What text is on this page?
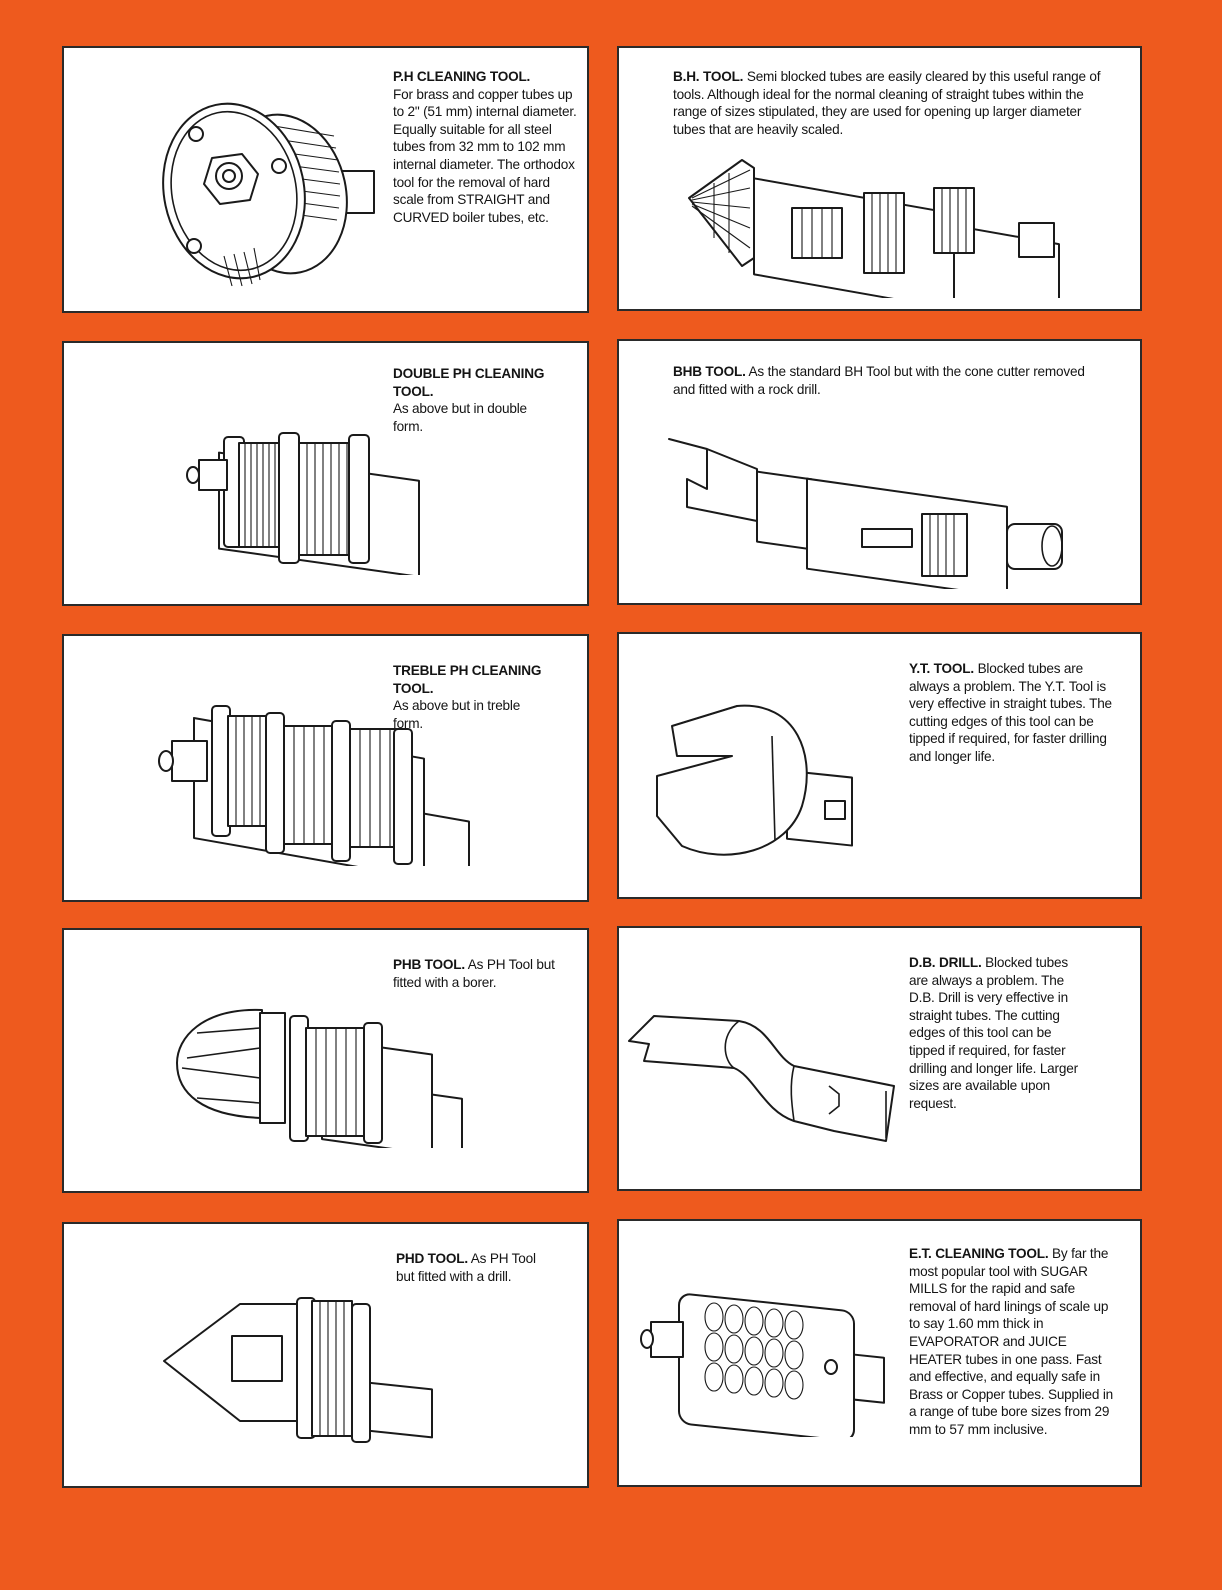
P.H CLEANING TOOL.
For brass and copper tubes up to 2" (51 mm) internal diameter. Equally suitable for all steel tubes from 32 mm to 102 mm internal diameter. The orthodox tool for the removal of hard scale from STRAIGHT and CURVED boiler tubes, etc.
B.H. TOOL. Semi blocked tubes are easily cleared by this useful range of tools. Although ideal for the normal cleaning of straight tubes within the range of sizes stipulated, they are used for opening up larger diameter tubes that are heavily scaled.
DOUBLE PH CLEANING TOOL.
As above but in double form.
BHB TOOL. As the standard BH Tool but with the cone cutter removed and fitted with a rock drill.
TREBLE PH CLEANING TOOL.
As above but in treble form.
Y.T. TOOL. Blocked tubes are always a problem. The Y.T. Tool is very effective in straight tubes. The cutting edges of this tool can be tipped if required, for faster drilling and longer life.
PHB TOOL. As PH Tool but fitted with a borer.
D.B. DRILL. Blocked tubes are always a problem. The D.B. Drill is very effective in straight tubes. The cutting edges of this tool can be tipped if required, for faster drilling and longer life. Larger sizes are available upon request.
PHD TOOL. As PH Tool but fitted with a drill.
E.T. CLEANING TOOL. By far the most popular tool with SUGAR MILLS for the rapid and safe removal of hard linings of scale up to say 1.60 mm thick in EVAPORATOR and JUICE HEATER tubes in one pass. Fast and effective, and equally safe in Brass or Copper tubes. Supplied in a range of tube bore sizes from 29 mm to 57 mm inclusive.
